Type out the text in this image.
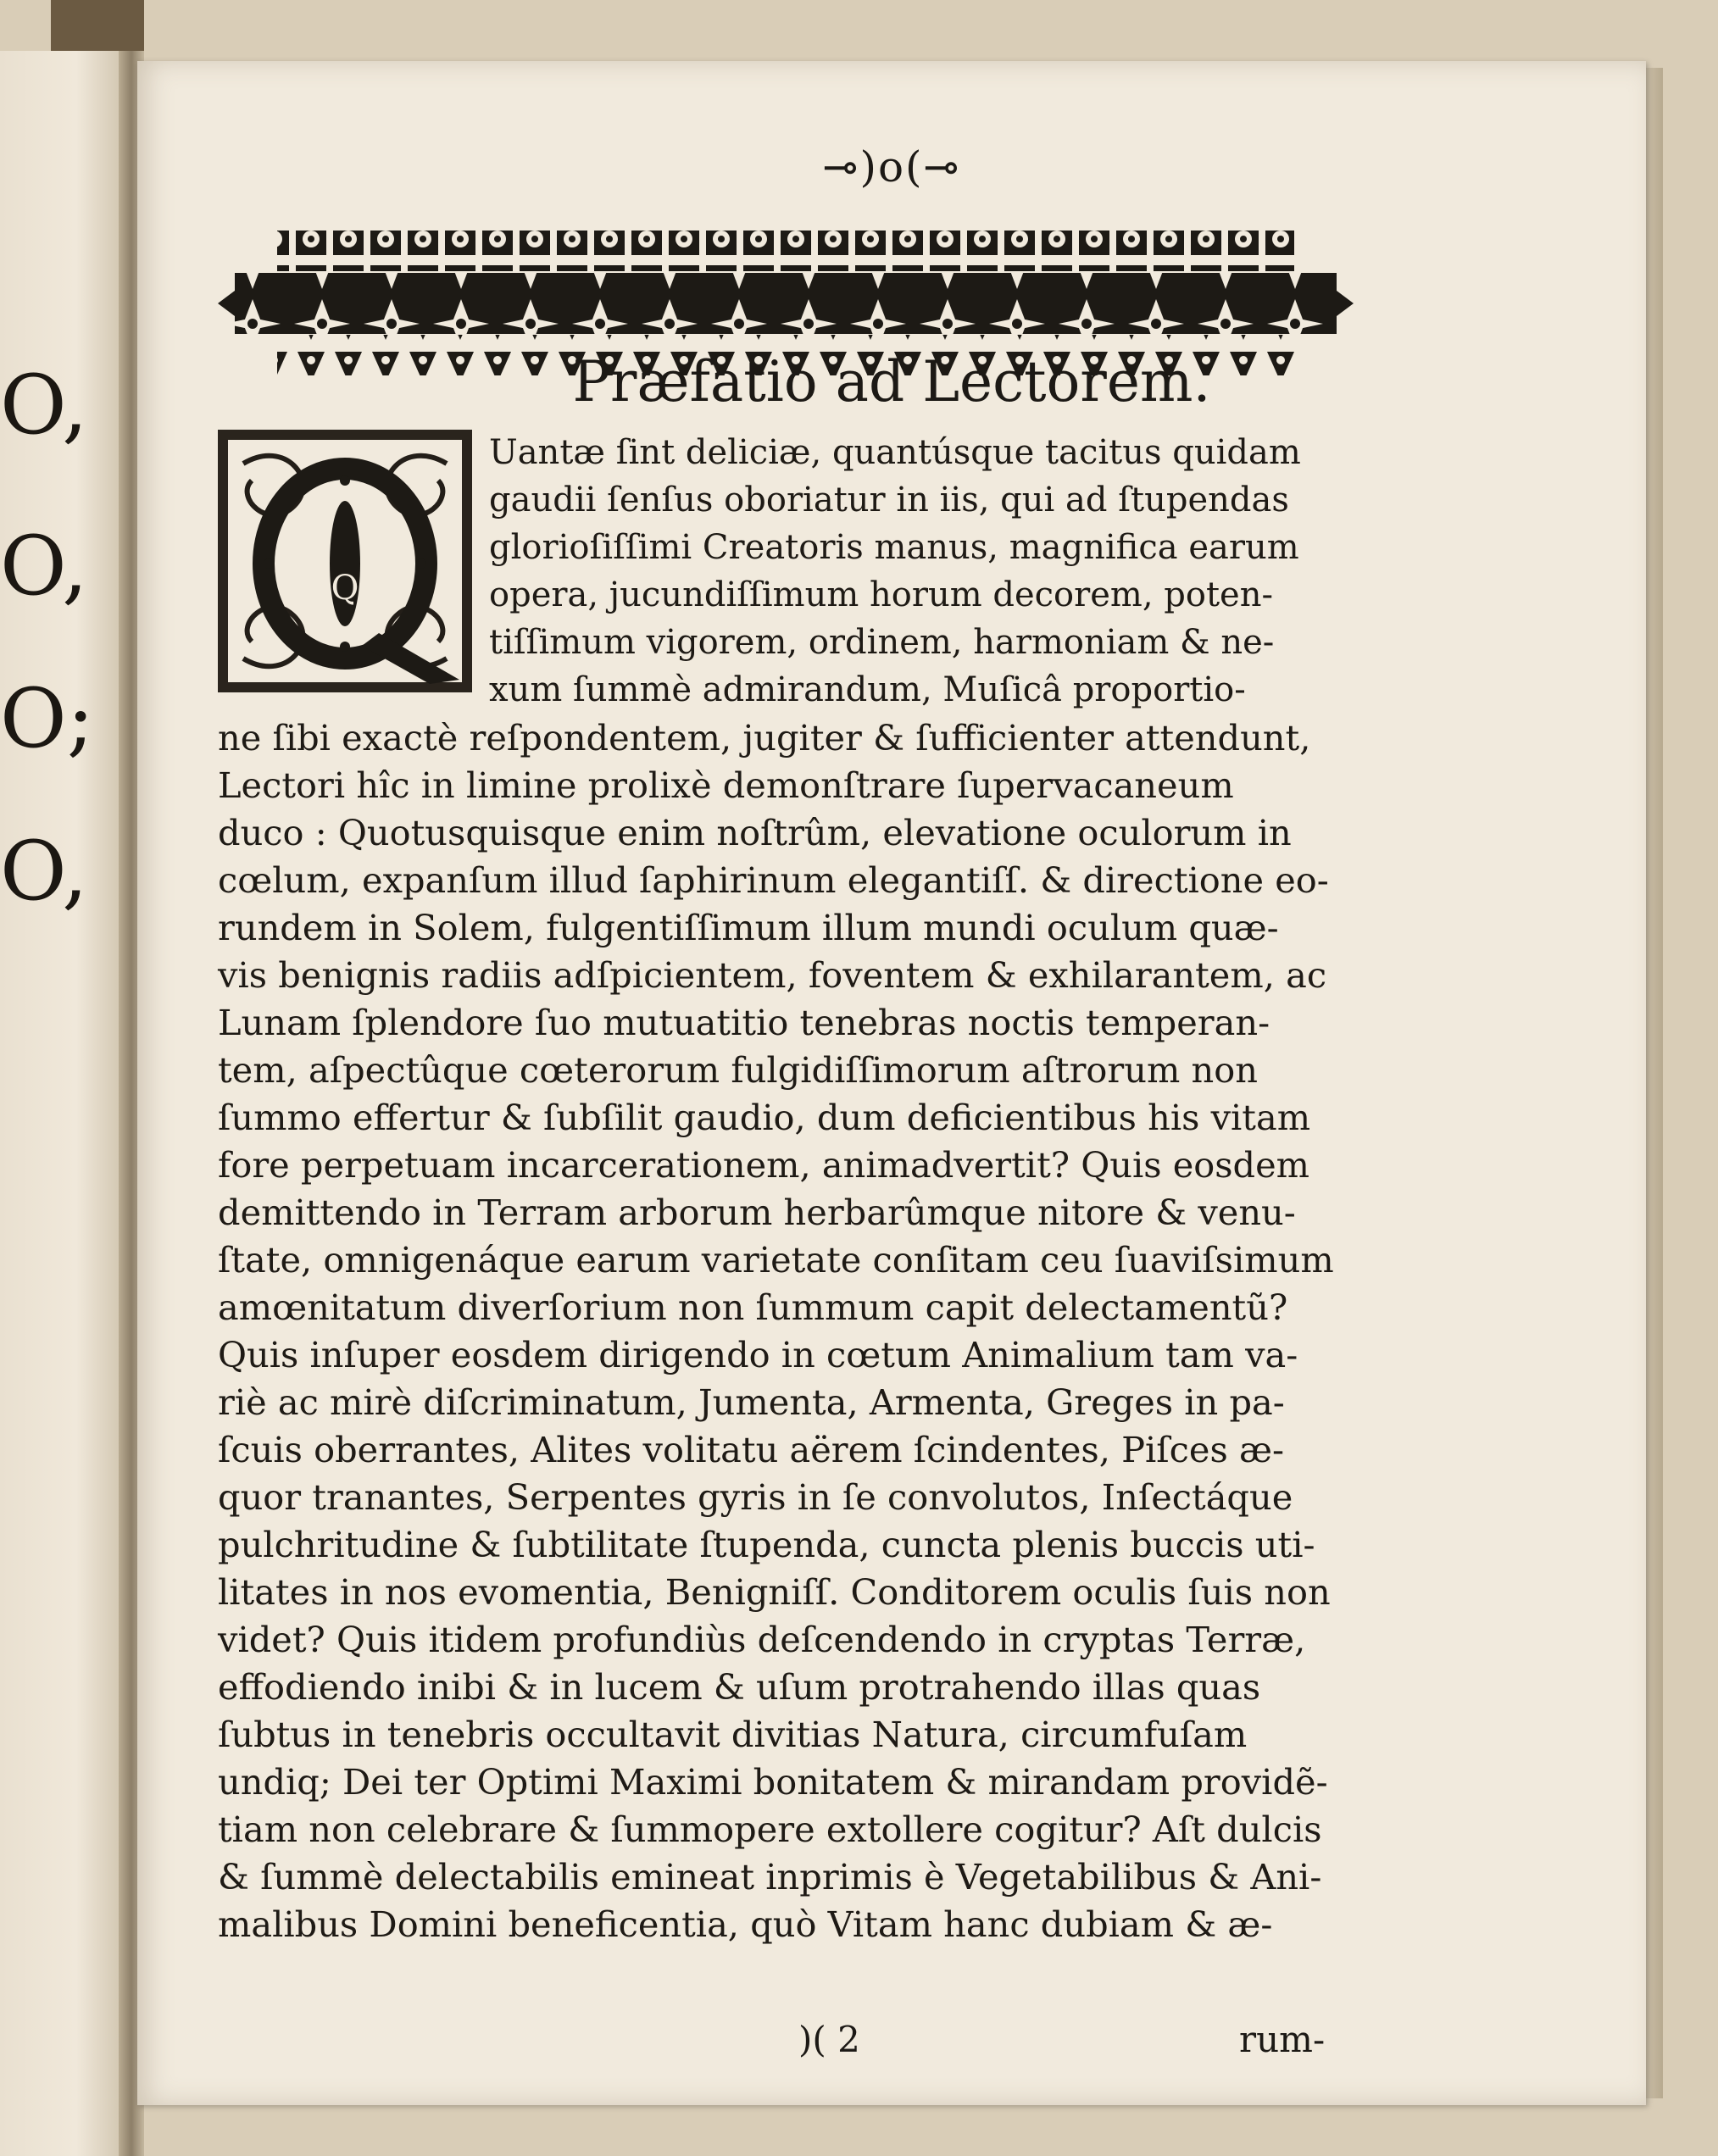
O,
O,
O;
O,
⊸)o(⊸
Præfatio ad Lectorem.
Q
Uantæ ſint deliciæ, quantúsque tacitus quidam
gaudii ſenſus oboriatur in iis, qui ad ſtupendas
glorioſiſſimi Creatoris manus, magnifica earum
opera, jucundiſſimum horum decorem, poten-
tiſſimum vigorem, ordinem, harmoniam & ne-
xum ſummè admirandum, Muſicâ proportio-
ne ſibi exactè reſpondentem, jugiter & ſufficienter attendunt,
Lectori hîc in limine prolixè demonſtrare ſupervacaneum
duco : Quotusquisque enim noſtrûm, elevatione oculorum in
cœlum, expanſum illud ſaphirinum elegantiſſ. & directione eo-
rundem in Solem, fulgentiſſimum illum mundi oculum quæ-
vis benignis radiis adſpicientem, foventem & exhilarantem, ac
Lunam ſplendore ſuo mutuatitio tenebras noctis temperan-
tem, aſpectûque cœterorum fulgidiſſimorum aſtrorum non
ſummo effertur & ſubſilit gaudio, dum deficientibus his vitam
fore perpetuam incarcerationem, animadvertit? Quis eosdem
demittendo in Terram arborum herbarûmque nitore & venu-
ſtate, omnigenáque earum varietate conſitam ceu ſuaviſsimum
amœnitatum diverſorium non ſummum capit delectamentũ?
Quis inſuper eosdem dirigendo in cœtum Animalium tam va-
riè ac mirè diſcriminatum, Jumenta, Armenta, Greges in pa-
ſcuis oberrantes, Alites volitatu aërem ſcindentes, Piſces æ-
quor tranantes, Serpentes gyris in ſe convolutos, Inſectáque
pulchritudine & ſubtilitate ſtupenda, cuncta plenis buccis uti-
litates in nos evomentia, Benigniſſ. Conditorem oculis ſuis non
videt? Quis itidem profundiùs deſcendendo in cryptas Terræ,
effodiendo inibi & in lucem & uſum protrahendo illas quas
ſubtus in tenebris occultavit divitias Natura, circumfuſam
undiq; Dei ter Optimi Maximi bonitatem & mirandam providẽ-
tiam non celebrare & ſummopere extollere cogitur? Aſt dulcis
& ſummè delectabilis emineat inprimis è Vegetabilibus & Ani-
malibus Domini beneficentia, quò Vitam hanc dubiam & æ-
)( 2	rum-
